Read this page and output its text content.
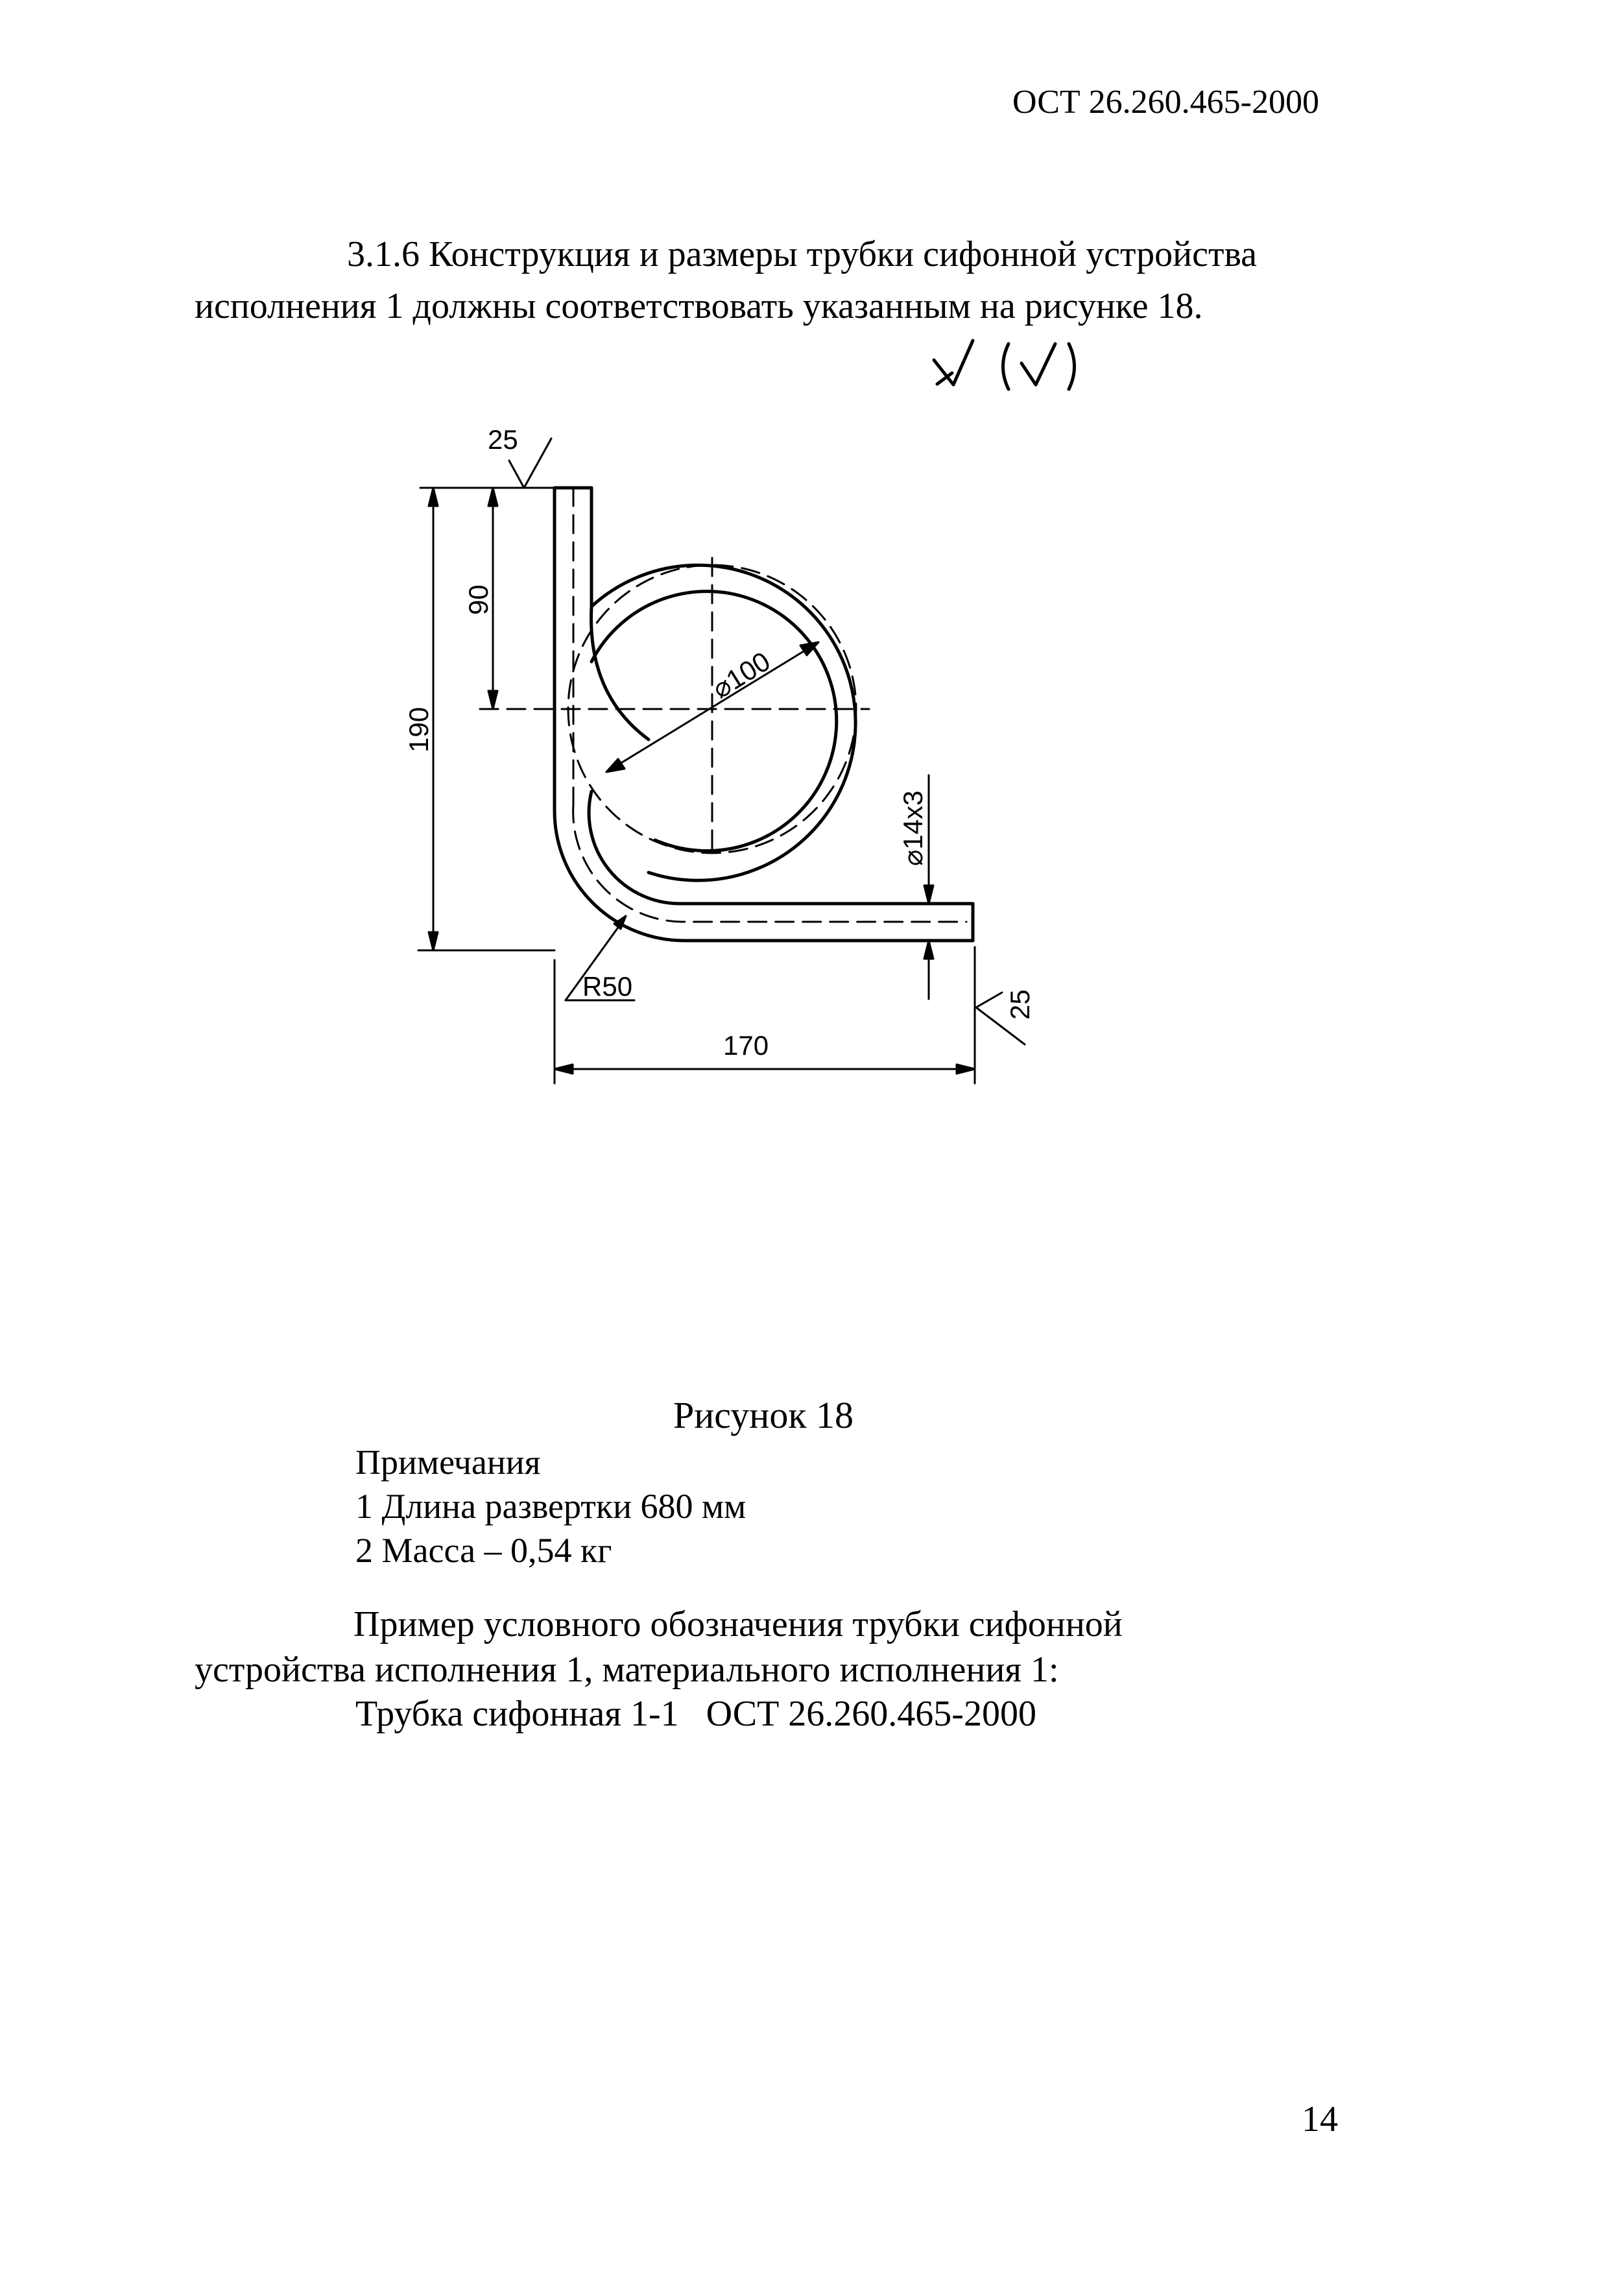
ОСТ 26.260.465-2000
3.1.6 Конструкция и размеры трубки сифонной устройства
исполнения 1 должны соответствовать указанным на рисунке 18.
25
25
90
190
⌀100
⌀14x3
R50
170
Рисунок 18
Примечания
1 Длина развертки 680 мм
2 Масса – 0,54 кг
Пример условного обозначения трубки сифонной
устройства исполнения 1, материального исполнения 1:
Трубка сифонная 1-1   ОСТ 26.260.465-2000
14
